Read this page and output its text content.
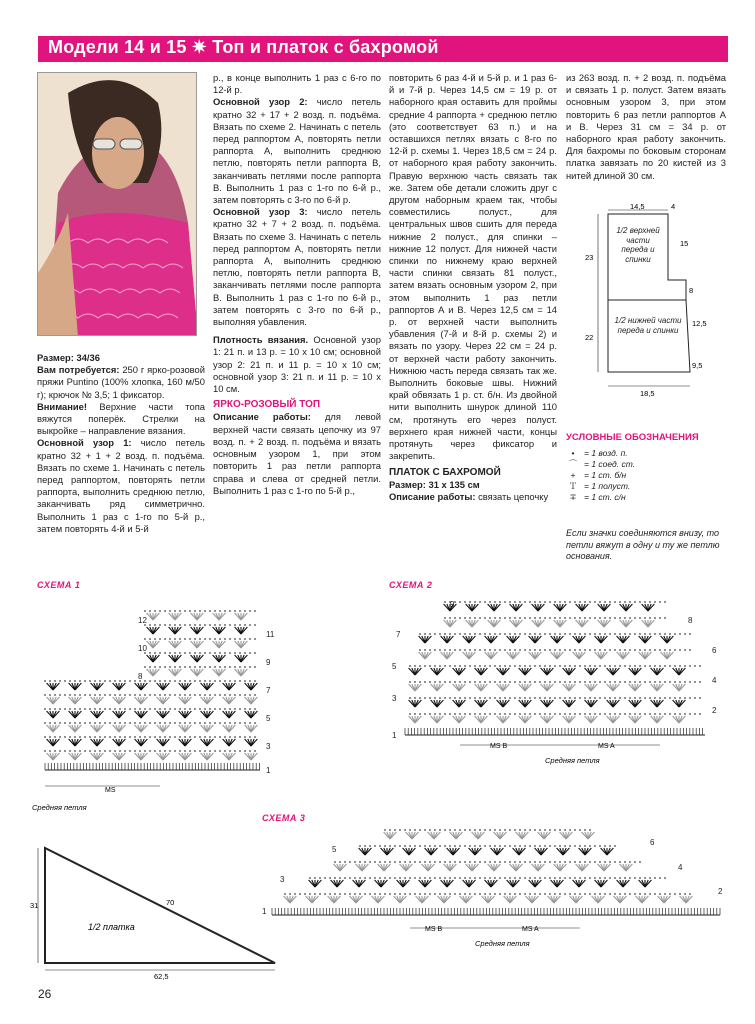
Модели 14 и 15 ✷ Топ и платок с бахромой

Размер: 34/36

Вам потребуется: 250 г ярко-розовой пряжи Puntino (100% хлопка, 160 м/50 г); крючок № 3,5; 1 фиксатор.

Внимание! Верхние части топа вяжутся поперёк. Стрелки на выкройке – направление вязания.

Основной узор 1: число петель кратно 32 + 1 + 2 возд. п. подъёма. Вязать по схеме 1. Начинать с петель перед раппортом, повторять петли раппорта, выполнить среднюю петлю, заканчивать ряд симметрично. Выполнить 1 раз с 1-го по 5-й р., затем повторять 4-й и 5-й

р., в конце выполнить 1 раз с 6-го по 12-й р.

Основной узор 2: число петель кратно 32 + 17 + 2 возд. п. подъёма. Вязать по схеме 2. Начинать с петель перед раппортом А, повторять петли раппорта А, выполнить среднюю петлю, повторять петли раппорта В, заканчивать петлями после раппорта В. Выполнить 1 раз с 1-го по 6-й р., затем повторять с 3-го по 6-й р.

Основной узор 3: число петель кратно 32 + 7 + 2 возд. п. подъёма. Вязать по схеме 3. Начинать с петель перед раппортом А, повторять петли раппорта А, выполнить среднюю петлю, повторять петли раппорта В, заканчивать петлями после раппорта В. Выполнить 1 раз с 1-го по 6-й р., затем повторять с 3-го по 6-й р., выполняя убавления.

Плотность вязания. Основной узор 1: 21 п. и 13 р. = 10 х 10 см; основной узор 2: 21 п. и 11 р. = 10 х 10 см; основной узор 3: 21 п. и 11 р. = 10 х 10 см.

ЯРКО-РОЗОВЫЙ ТОП

Описание работы: для левой верхней части связать цепочку из 97 возд. п. + 2 возд. п. подъёма и вязать основным узором 1, при этом повторить 1 раз петли раппорта справа и слева от средней петли. Выполнить 1 раз с 1-го по 5-й р.,

повторить 6 раз 4-й и 5-й р. и 1 раз 6-й и 7-й р. Через 14,5 см = 19 р. от наборного края оставить для проймы средние 4 раппорта + среднюю петлю (это соответствует 63 п.) и на оставшихся петлях вязать с 8-го по 12-й р. схемы 1. Через 18,5 см = 24 р. от наборного края работу закончить. Правую верхнюю часть связать так же. Затем обе детали сложить друг с другом наборным краем так, чтобы совместились полуст., для центральных швов сшить для переда нижние 2 полуст., для спинки – нижние 12 полуст. Для нижней части спинки по нижнему краю верхней части спинки связать 81 полуст., затем вязать основным узором 2, при этом выполнить 1 раз петли раппортов А и В. Через 12,5 см = 14 р. от верхней части выполнить убавления (7-й и 8-й р. схемы 2) и вязать по узору. Через 22 см = 24 р. от верхней части работу закончить. Нижнюю часть переда связать так же. Выполнить боковые швы. Нижний край обвязать 1 р. ст. б/н. Из двойной нити выполнить шнурок длиной 110 см, протянуть его через полуст. верхнего края нижней части, концы протянуть через фиксатор и закрепить.

ПЛАТОК С БАХРОМОЙ

Размер: 31 х 135 см

Описание работы: связать цепочку

из 263 возд. п. + 2 возд. п. подъёма и связать 1 р. полуст. Затем вязать основным узором 3, при этом повторить 6 раз петли раппортов А и В. Через 31 см = 34 р. от наборного края работу закончить. Для бахромы по боковым сторонам платка завязать по 20 кистей из 3 нитей длиной 30 см.

14,5	4
15
8
23
22
12,5
9,5
18,5
1/2 верхней части переда и спинки
1/2 нижней части переда и спинки
УСЛОВНЫЕ ОБОЗНАЧЕНИЯ
•	= 1 возд. п.
⌒ = 1 соед. ст.
+	= 1 ст. б/н
Ｔ = 1 полуст.
∓ = 1 ст. с/н
Если значки соединяются внизу, то петли вяжут в одну и ту же петлю основания.
СХЕМА 1	СХЕМА 2
СХЕМА 3
1
3
5
7
9
11
8
10
12
MS
Средняя петля
1
3
5
7
9
2
4
6
8
MS B	MS A
Средняя петля
1
3
5
2
4
6
MS B	MS A
Средняя петля
31	70
62,5
1/2 платка
26
